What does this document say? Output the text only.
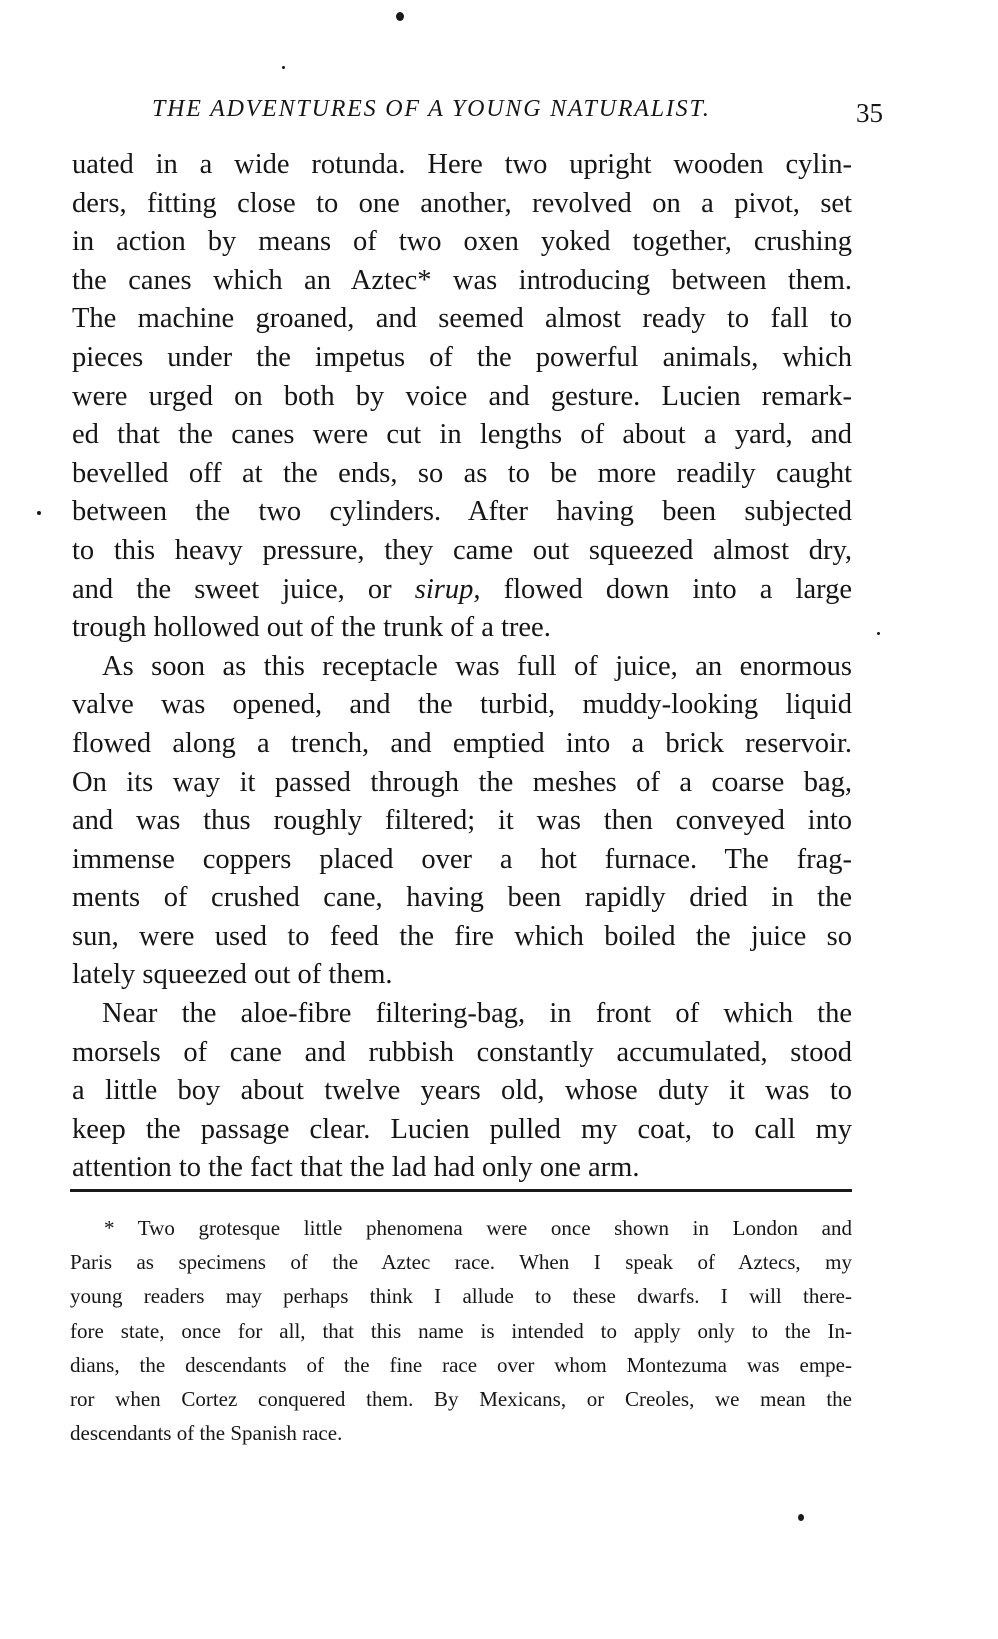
THE ADVENTURES OF A YOUNG NATURALIST.	35
uated in a wide rotunda. Here two upright wooden cylin-
ders, fitting close to one another, revolved on a pivot, set
in action by means of two oxen yoked together, crushing
the canes which an Aztec* was introducing between them.
The machine groaned, and seemed almost ready to fall to
pieces under the impetus of the powerful animals, which
were urged on both by voice and gesture. Lucien remark-
ed that the canes were cut in lengths of about a yard, and
bevelled off at the ends, so as to be more readily caught
between the two cylinders. After having been subjected
to this heavy pressure, they came out squeezed almost dry,
and the sweet juice, or sirup, flowed down into a large
trough hollowed out of the trunk of a tree.
As soon as this receptacle was full of juice, an enormous
valve was opened, and the turbid, muddy-looking liquid
flowed along a trench, and emptied into a brick reservoir.
On its way it passed through the meshes of a coarse bag,
and was thus roughly filtered; it was then conveyed into
immense coppers placed over a hot furnace. The frag-
ments of crushed cane, having been rapidly dried in the
sun, were used to feed the fire which boiled the juice so
lately squeezed out of them.
Near the aloe-fibre filtering-bag, in front of which the
morsels of cane and rubbish constantly accumulated, stood
a little boy about twelve years old, whose duty it was to
keep the passage clear. Lucien pulled my coat, to call my
attention to the fact that the lad had only one arm.
* Two grotesque little phenomena were once shown in London and
Paris as specimens of the Aztec race. When I speak of Aztecs, my
young readers may perhaps think I allude to these dwarfs. I will there-
fore state, once for all, that this name is intended to apply only to the In-
dians, the descendants of the fine race over whom Montezuma was empe-
ror when Cortez conquered them. By Mexicans, or Creoles, we mean the
descendants of the Spanish race.
